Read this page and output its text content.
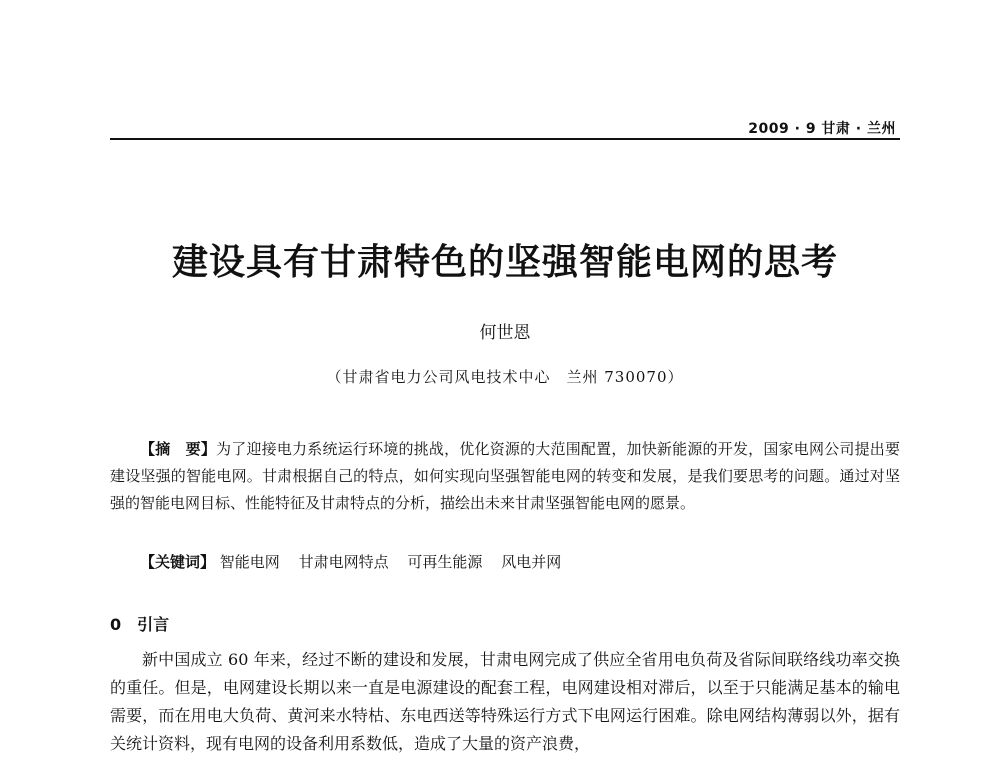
2009 · 9 甘肃 · 兰州
建设具有甘肃特色的坚强智能电网的思考
何世恩
（甘肃省电力公司风电技术中心　兰州 730070）

【摘　要】为了迎接电力系统运行环境的挑战，优化资源的大范围配置，加快新能源的开发，国家电网公司提出要建设坚强的智能电网。甘肃根据自己的特点，如何实现向坚强智能电网的转变和发展，是我们要思考的问题。通过对坚强的智能电网目标、性能特征及甘肃特点的分析，描绘出未来甘肃坚强智能电网的愿景。

【关键词】 智能电网 甘肃电网特点 可再生能源 风电并网
0　引言

新中国成立 60 年来，经过不断的建设和发展，甘肃电网完成了供应全省用电负荷及省际间联络线功率交换的重任。但是，电网建设长期以来一直是电源建设的配套工程，电网建设相对滞后，以至于只能满足基本的输电需要，而在用电大负荷、黄河来水特枯、东电西送等特殊运行方式下电网运行困难。除电网结构薄弱以外，据有关统计资料，现有电网的设备利用系数低，造成了大量的资产浪费，
